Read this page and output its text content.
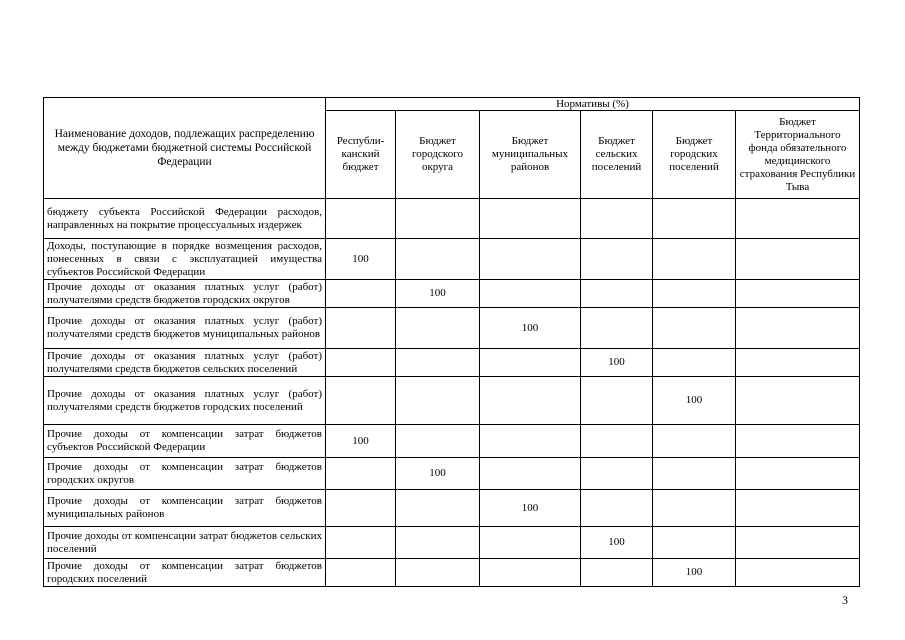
Наименование доходов, подлежащих распределению между бюджетами бюджетной системы Российской Федерации	Нормативы (%)					
	Республи-канский бюджет	Бюджет городского округа	Бюджет муниципальных районов	Бюджет сельских поселений	Бюджет городских поселений	Бюджет Территориального фонда обязательного медицинского страхования Республики Тыва
бюджету субъекта Российской Федерации расходов, направленных на покрытие процессуальных издержек						
Доходы, поступающие в порядке возмещения расходов, понесенных в связи с эксплуатацией имущества субъектов Российской Федерации	100					
Прочие доходы от оказания платных услуг (работ) получателями средств бюджетов городских округов		100				
Прочие доходы от оказания платных услуг (работ) получателями средств бюджетов муниципальных районов			100			
Прочие доходы от оказания платных услуг (работ) получателями средств бюджетов сельских поселений				100		
Прочие доходы от оказания платных услуг (работ) получателями средств бюджетов городских поселений					100	
Прочие доходы от компенсации затрат бюджетов субъектов Российской Федерации	100					
Прочие доходы от компенсации затрат бюджетов городских округов		100				
Прочие доходы от компенсации затрат бюджетов муниципальных районов			100			
Прочие доходы от компенсации затрат бюджетов сельских поселений				100		
Прочие доходы от компенсации затрат бюджетов городских поселений					100	
3
